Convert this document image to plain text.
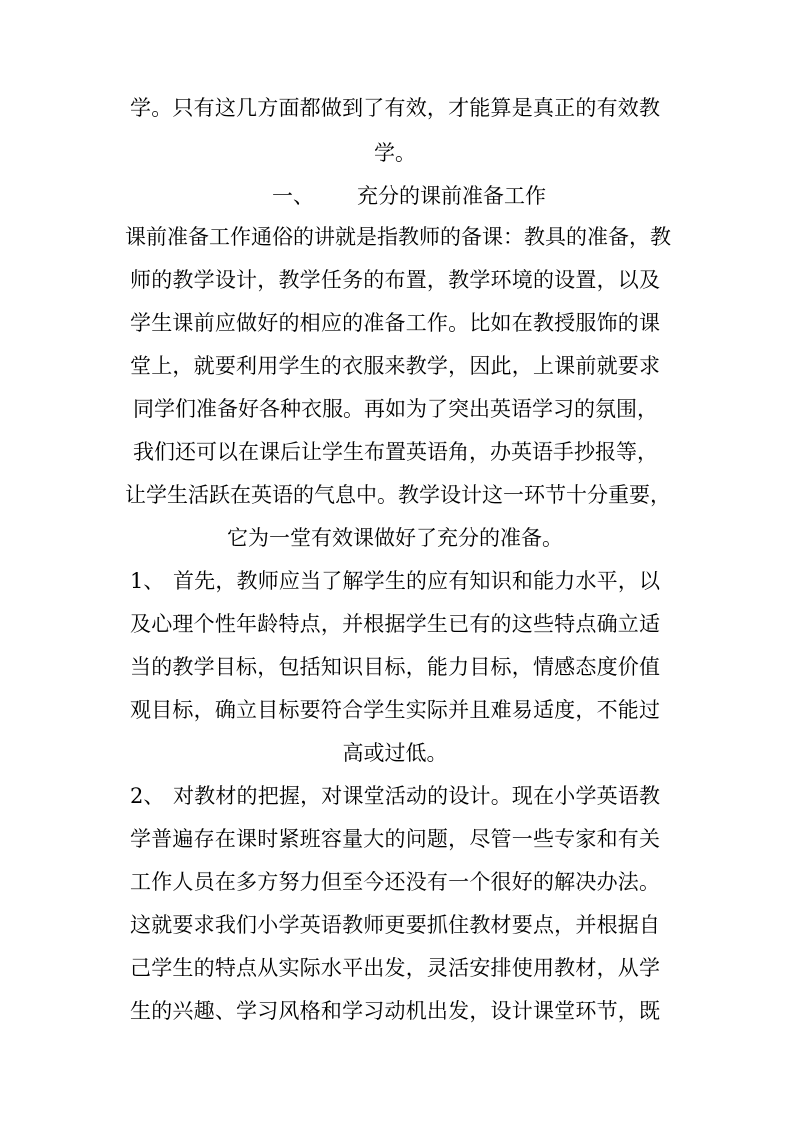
学。只有这几方面都做到了有效，才能算是真正的有效教
学。
一、	充分的课前准备工作
课前准备工作通俗的讲就是指教师的备课：教具的准备，教
师的教学设计，教学任务的布置，教学环境的设置，以及
学生课前应做好的相应的准备工作。比如在教授服饰的课
堂上，就要利用学生的衣服来教学，因此，上课前就要求
同学们准备好各种衣服。再如为了突出英语学习的氛围，
我们还可以在课后让学生布置英语角，办英语手抄报等，
让学生活跃在英语的气息中。教学设计这一环节十分重要，
它为一堂有效课做好了充分的准备。
1、 首先，教师应当了解学生的应有知识和能力水平，以
及心理个性年龄特点，并根据学生已有的这些特点确立适
当的教学目标，包括知识目标，能力目标，情感态度价值
观目标，确立目标要符合学生实际并且难易适度，不能过
高或过低。
2、 对教材的把握，对课堂活动的设计。现在小学英语教
学普遍存在课时紧班容量大的问题，尽管一些专家和有关
工作人员在多方努力但至今还没有一个很好的解决办法。
这就要求我们小学英语教师更要抓住教材要点，并根据自
己学生的特点从实际水平出发，灵活安排使用教材，从学
生的兴趣、学习风格和学习动机出发，设计课堂环节，既
